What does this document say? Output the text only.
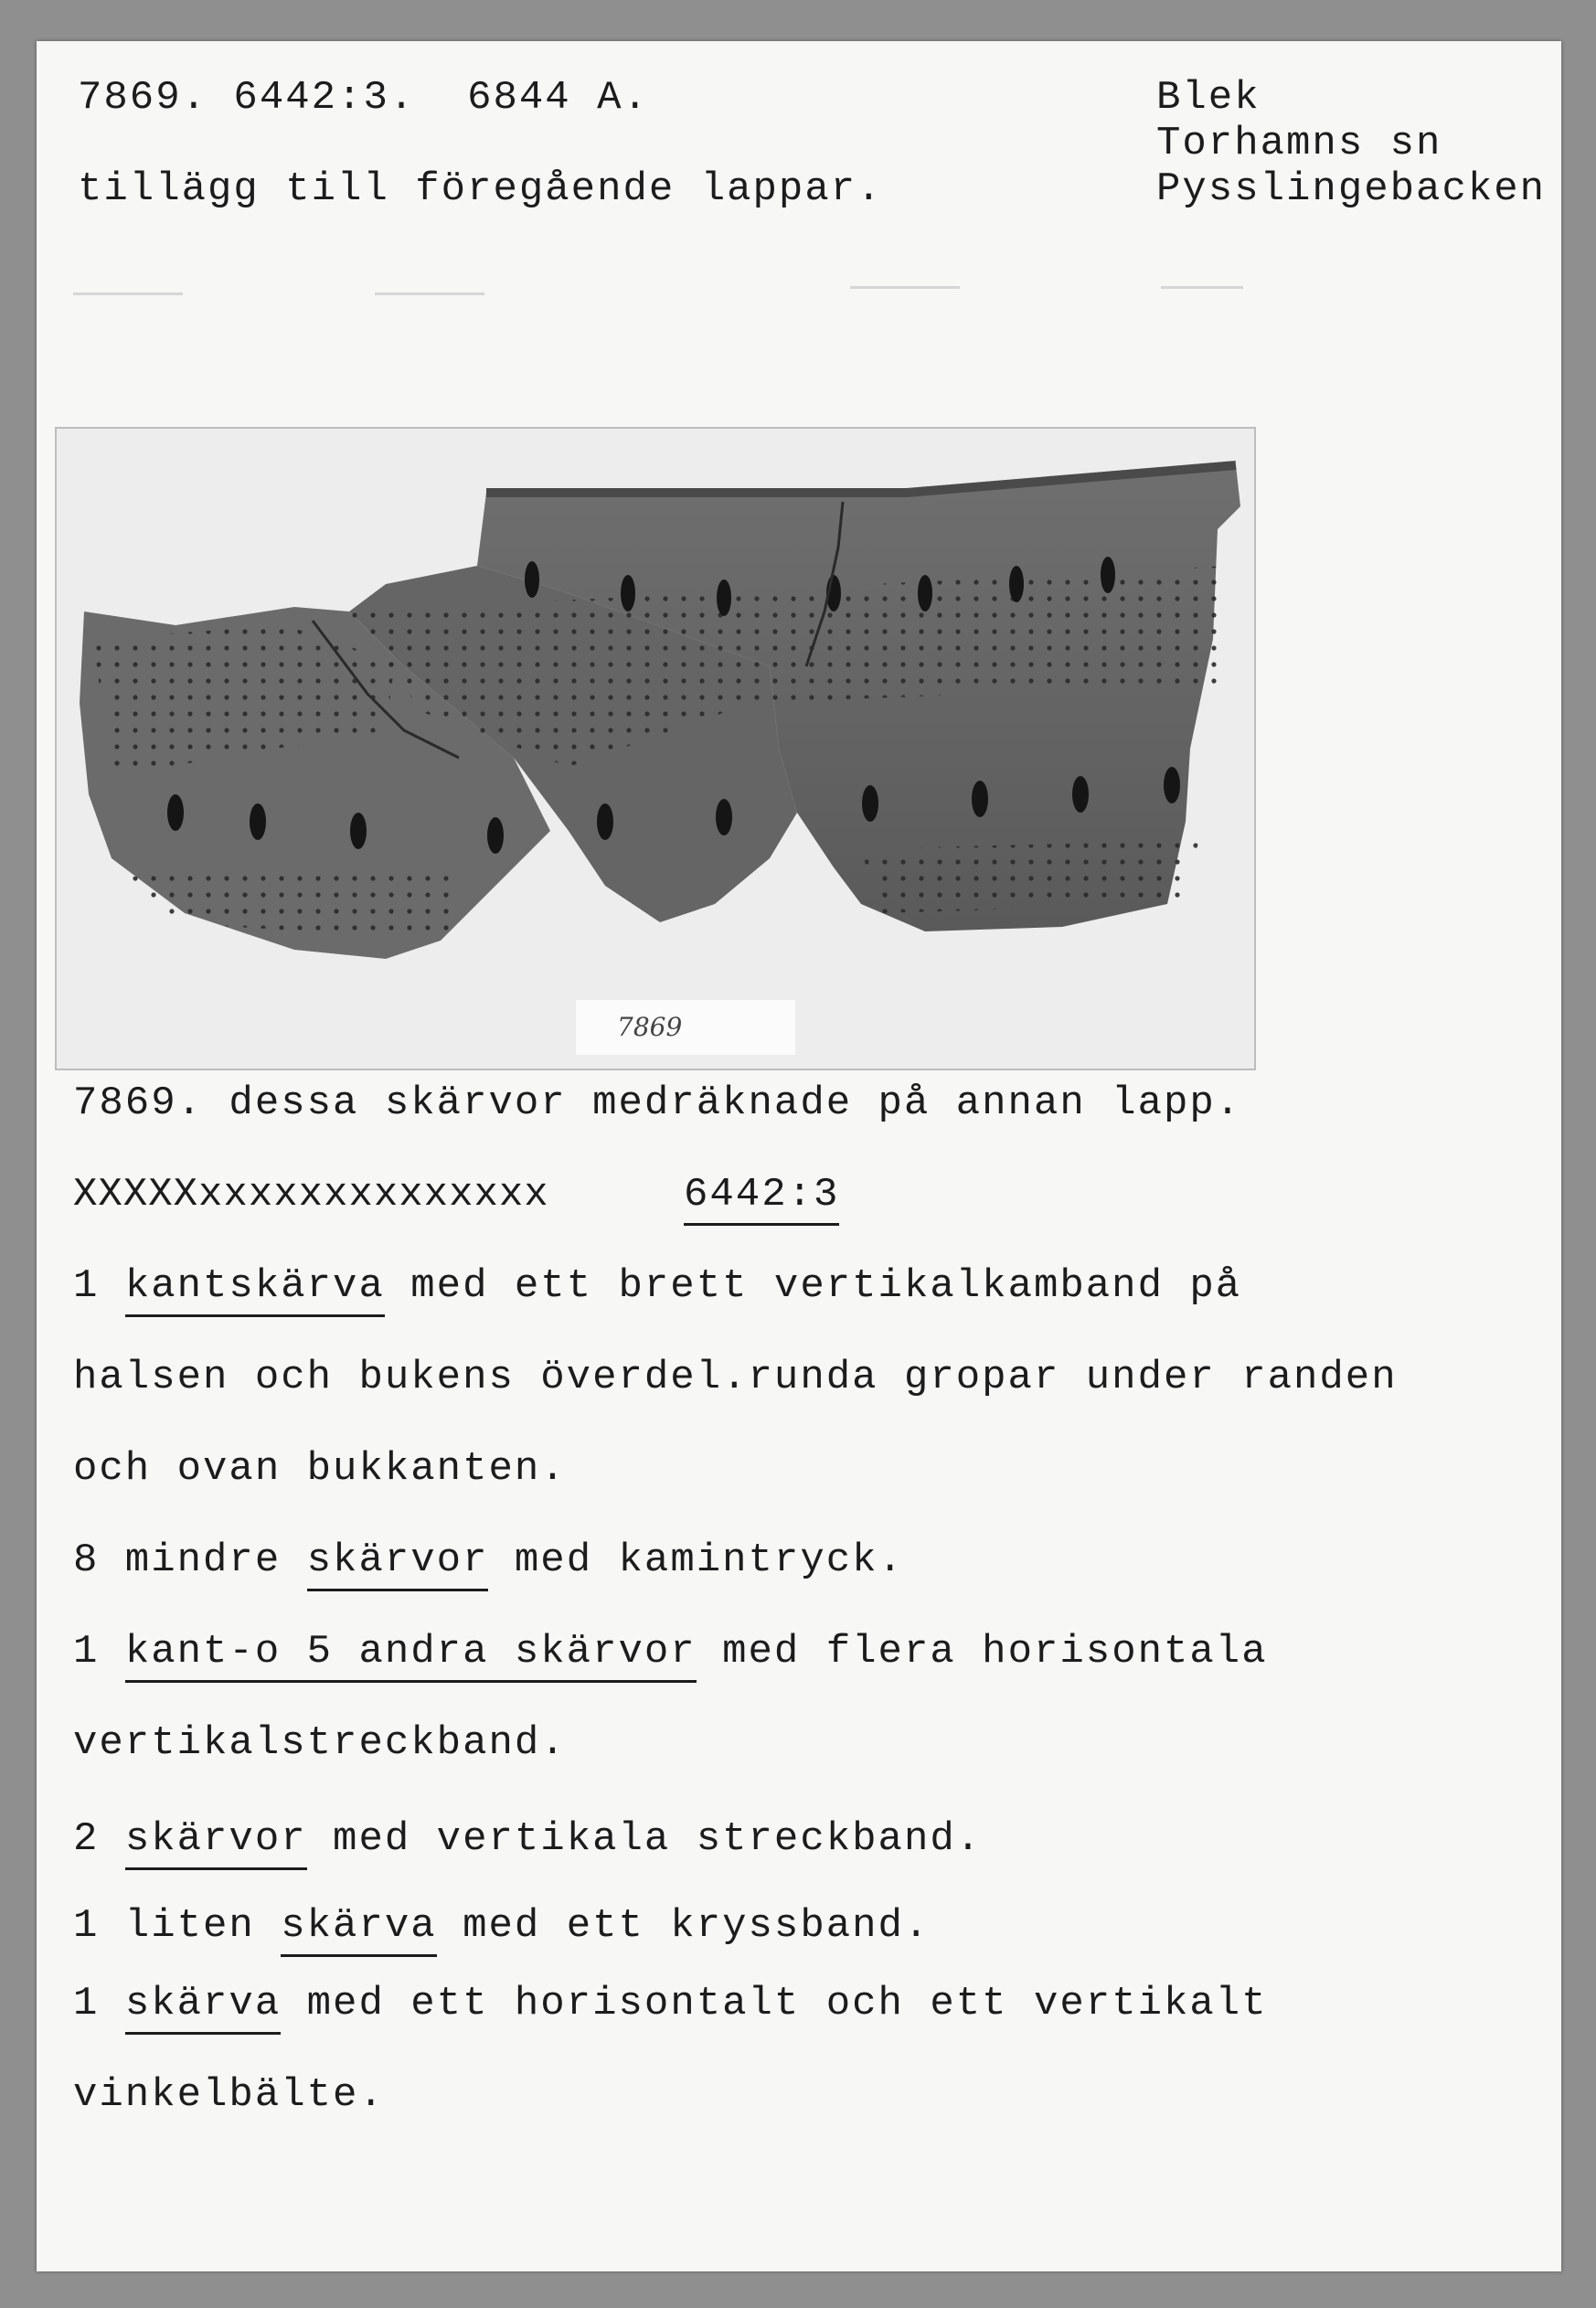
7869. 6442:3.  6844 A.
tillägg till föregående lappar.
Blek
Torhamns sn
Pysslingebacken
7869
7869. dessa skärvor medräknade på annan lapp.
XXXXXxxxxxxxxxxxxxx	6442:3
1 kantskärva med ett brett vertikalkamband på
halsen och bukens överdel.runda gropar under randen
och ovan bukkanten.
8 mindre skärvor med kamintryck.
1 kant-o 5 andra skärvor med flera horisontala
vertikalstreckband.
2 skärvor med vertikala streckband.
1 liten skärva med ett kryssband.
1 skärva med ett horisontalt och ett vertikalt
vinkelbälte.
